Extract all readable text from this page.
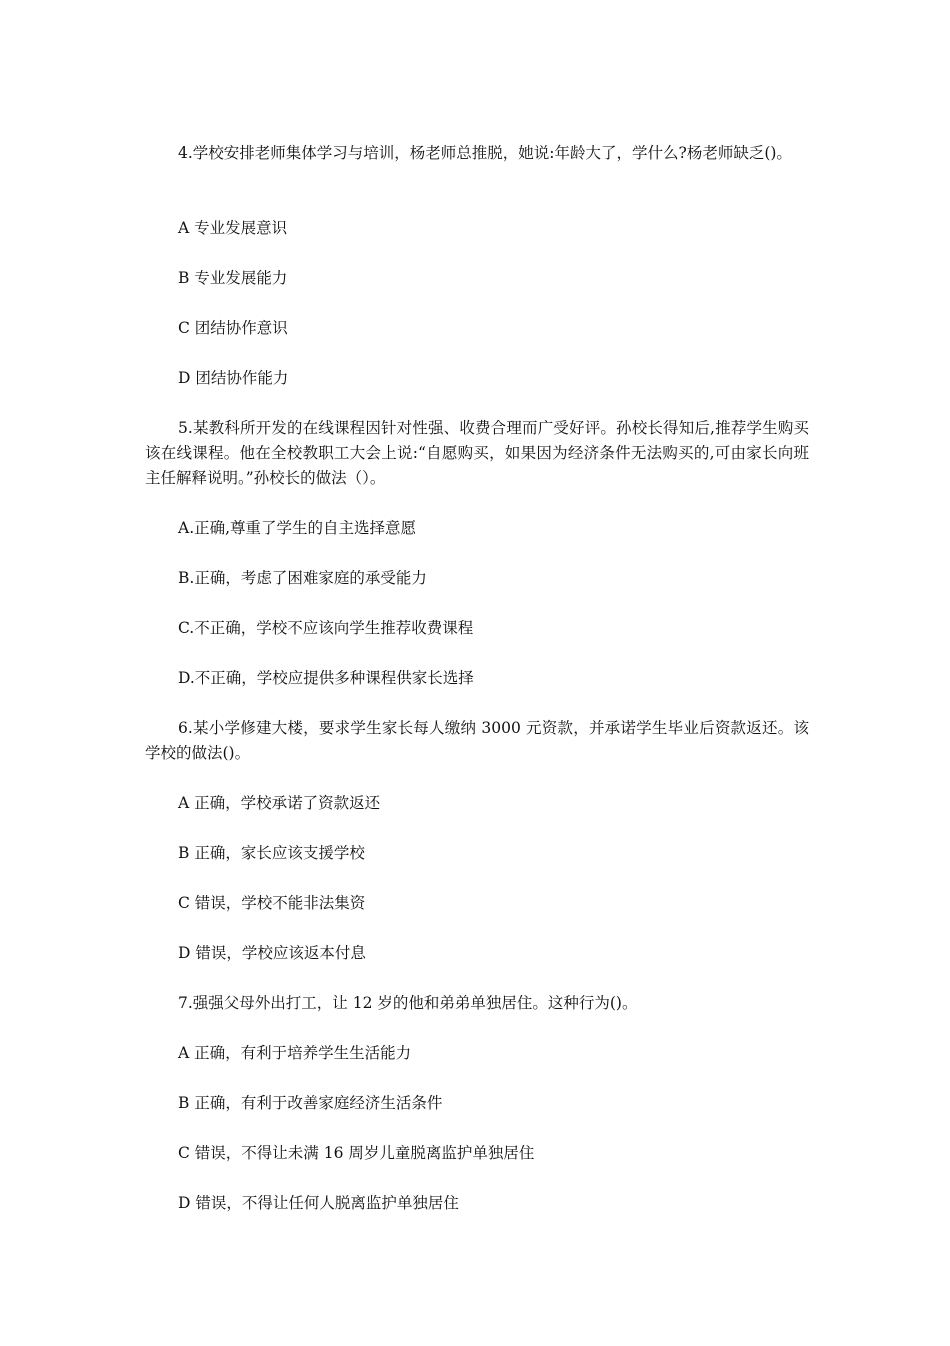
4.学校安排老师集体学习与培训，杨老师总推脱，她说:年龄大了，学什么?杨老师缺乏()。

A 专业发展意识

B 专业发展能力

C 团结协作意识

D 团结协作能力

5.某教科所开发的在线课程因针对性强、收费合理而广受好评。孙校长得知后,推荐学生购买该在线课程。他在全校教职工大会上说:“自愿购买，如果因为经济条件无法购买的,可由家长向班主任解释说明。”孙校长的做法（）。

A.正确,尊重了学生的自主选择意愿

B.正确，考虑了困难家庭的承受能力

C.不正确，学校不应该向学生推荐收费课程

D.不正确，学校应提供多种课程供家长选择

6.某小学修建大楼，要求学生家长每人缴纳 3000 元资款，并承诺学生毕业后资款返还。该学校的做法()。

A 正确，学校承诺了资款返还

B 正确，家长应该支援学校

C 错误，学校不能非法集资

D 错误，学校应该返本付息

7.强强父母外出打工，让 12 岁的他和弟弟单独居住。这种行为()。

A 正确，有利于培养学生生活能力

B 正确，有利于改善家庭经济生活条件

C 错误，不得让未满 16 周岁儿童脱离监护单独居住

D 错误，不得让任何人脱离监护单独居住
